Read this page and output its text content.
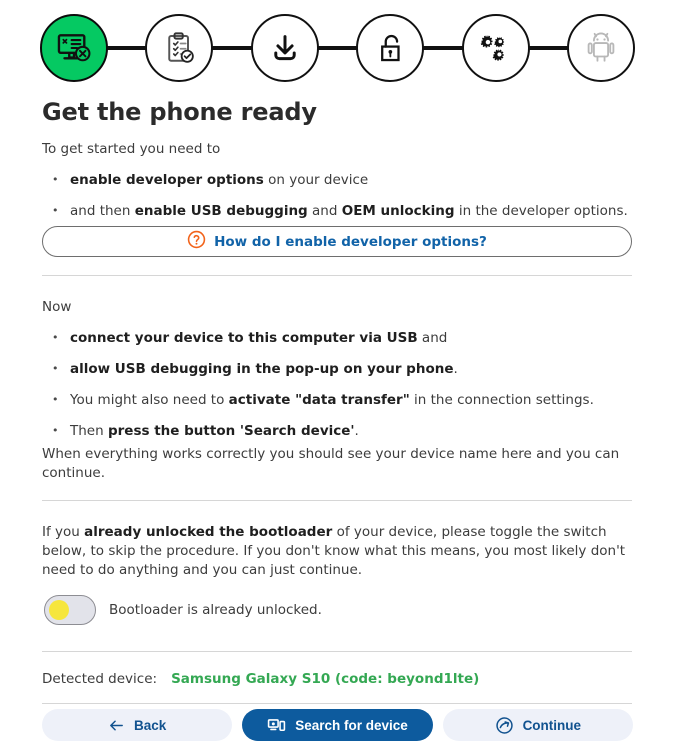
Get the phone ready
To get started you need to
• enable developer options on your device
• and then enable USB debugging and OEM unlocking in the developer options.
How do I enable developer options?
Now
• connect your device to this computer via USB and
• allow USB debugging in the pop-up on your phone.
• You might also need to activate "data transfer" in the connection settings.
• Then press the button 'Search device'.
When everything works correctly you should see your device name here and you can continue.
If you already unlocked the bootloader of your device, please toggle the switch below, to skip the procedure. If you don't know what this means, you most likely don't need to do anything and you can just continue.
Bootloader is already unlocked.
Detected device: Samsung Galaxy S10 (code: beyond1lte)
Back	Search for device	Continue
